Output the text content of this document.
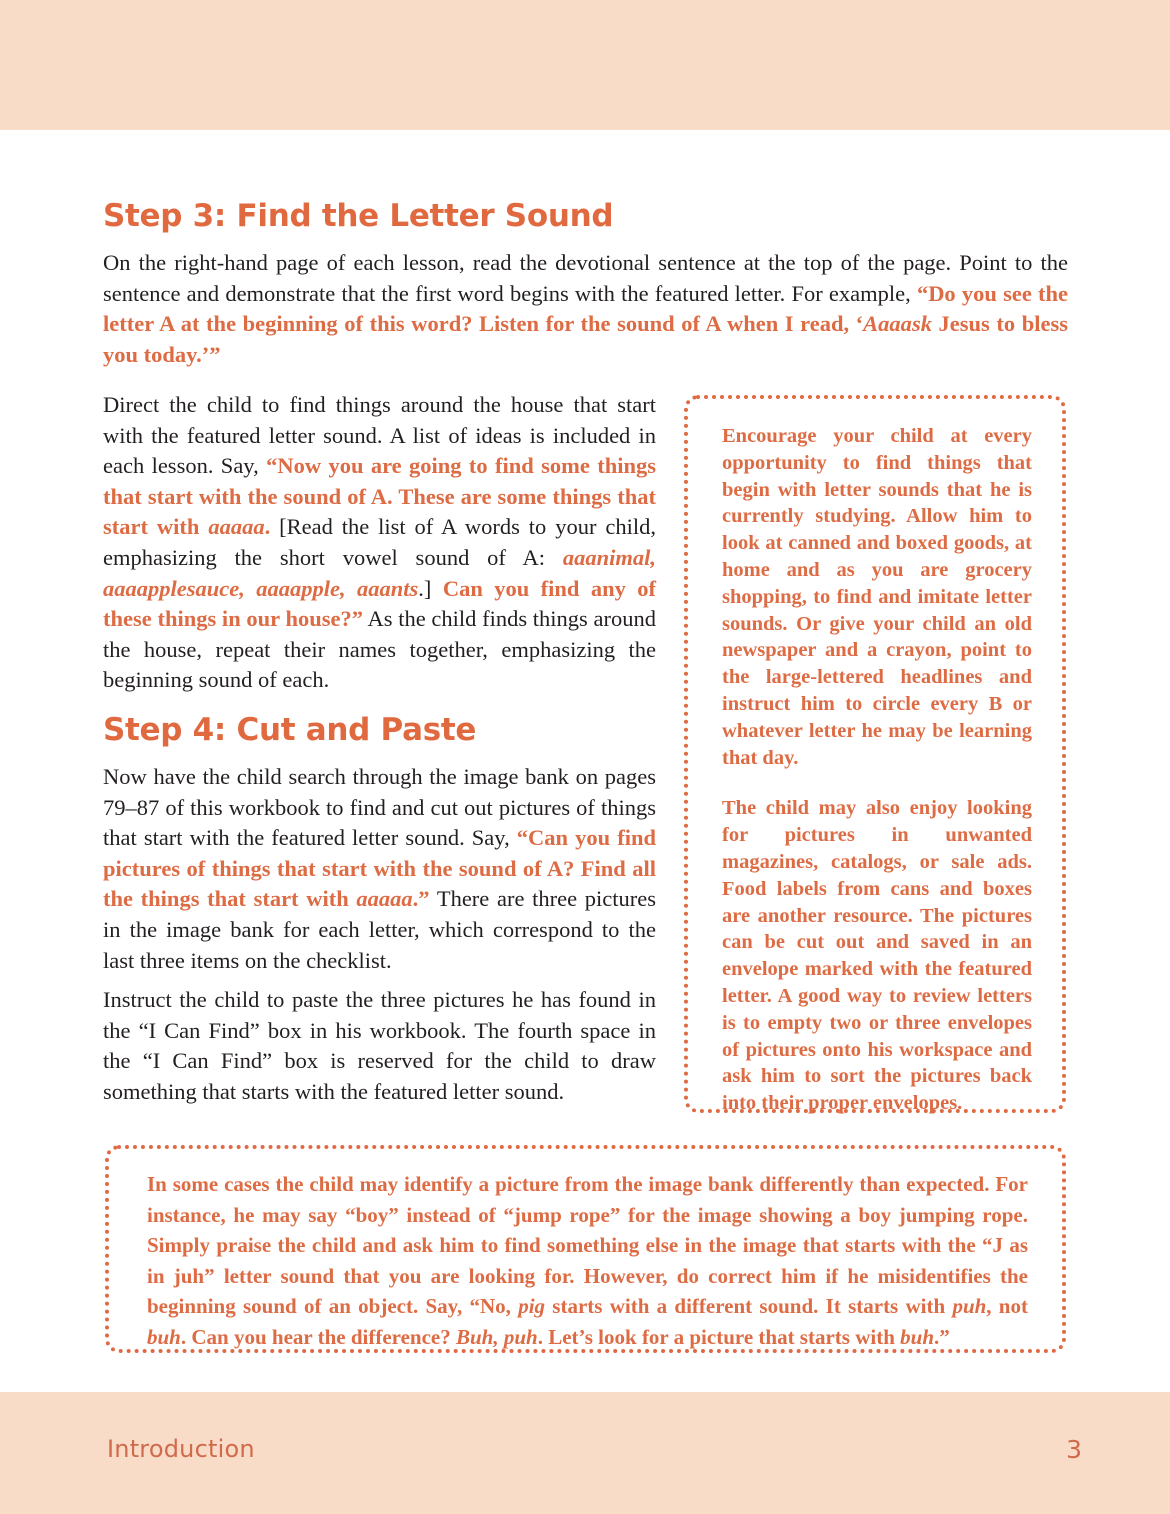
Step 3: Find the Letter Sound

On the right-hand page of each lesson, read the devotional sentence at the top of the page. Point to the sentence and demonstrate that the first word begins with the featured letter. For example, “Do you see the letter A at the beginning of this word? Listen for the sound of A when I read, ‘Aaaask Jesus to bless you today.’”

Direct the child to find things around the house that start with the featured letter sound. A list of ideas is included in each lesson. Say, “Now you are going to find some things that start with the sound of A. These are some things that start with aaaaa. [Read the list of A words to your child, emphasizing the short vowel sound of A: aaanimal, aaaapplesauce, aaaapple, aaants.] Can you find any of these things in our house?” As the child finds things around the house, repeat their names together, emphasizing the beginning sound of each.

Step 4: Cut and Paste

Now have the child search through the image bank on pages 79–87 of this workbook to find and cut out pictures of things that start with the featured letter sound. Say, “Can you find pictures of things that start with the sound of A? Find all the things that start with aaaaa.” There are three pictures in the image bank for each letter, which correspond to the last three items on the checklist.

Instruct the child to paste the three pictures he has found in the “I Can Find” box in his workbook. The fourth space in the “I Can Find” box is reserved for the child to draw something that starts with the featured letter sound.

Encourage your child at every opportunity to find things that begin with letter sounds that he is currently studying. Allow him to look at canned and boxed goods, at home and as you are grocery shopping, to find and imitate letter sounds. Or give your child an old newspaper and a crayon, point to the large-lettered headlines and instruct him to circle every B or whatever letter he may be learning that day.

The child may also enjoy looking for pictures in unwanted magazines, catalogs, or sale ads. Food labels from cans and boxes are another resource. The pictures can be cut out and saved in an envelope marked with the featured letter. A good way to review letters is to empty two or three envelopes of pictures onto his workspace and ask him to sort the pictures back into their proper envelopes.

In some cases the child may identify a picture from the image bank differently than expected. For instance, he may say “boy” instead of “jump rope” for the image showing a boy jumping rope. Simply praise the child and ask him to find something else in the image that starts with the “J as in juh” letter sound that you are looking for. However, do correct him if he misidentifies the beginning sound of an object. Say, “No, pig starts with a different sound. It starts with puh, not buh. Can you hear the difference? Buh, puh. Let’s look for a picture that starts with buh.”

Introduction	3
